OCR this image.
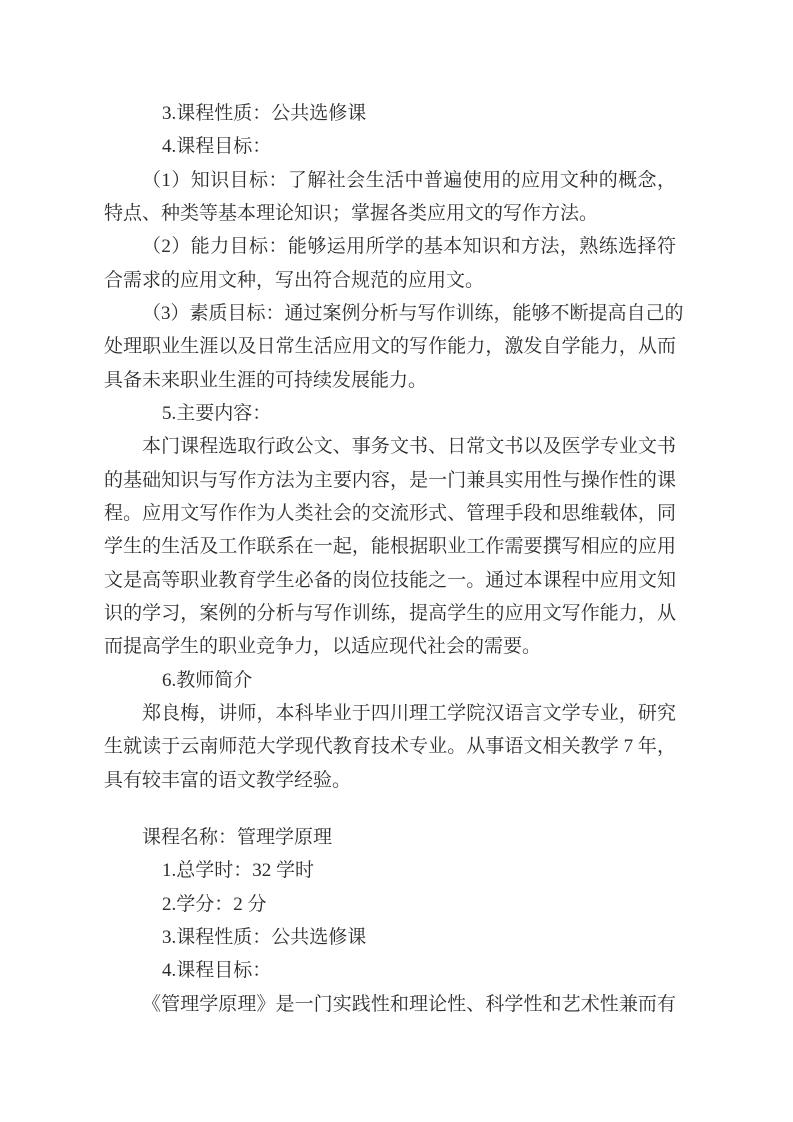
3.课程性质：公共选修课
4.课程目标：
（1）知识目标：了解社会生活中普遍使用的应用文种的概念，
特点、种类等基本理论知识；掌握各类应用文的写作方法。
（2）能力目标：能够运用所学的基本知识和方法，熟练选择符
合需求的应用文种，写出符合规范的应用文。
（3）素质目标：通过案例分析与写作训练，能够不断提高自己的
处理职业生涯以及日常生活应用文的写作能力，激发自学能力，从而
具备未来职业生涯的可持续发展能力。
5.主要内容：
本门课程选取行政公文、事务文书、日常文书以及医学专业文书
的基础知识与写作方法为主要内容，是一门兼具实用性与操作性的课
程。应用文写作作为人类社会的交流形式、管理手段和思维载体，同
学生的生活及工作联系在一起，能根据职业工作需要撰写相应的应用
文是高等职业教育学生必备的岗位技能之一。通过本课程中应用文知
识的学习，案例的分析与写作训练，提高学生的应用文写作能力，从
而提高学生的职业竞争力，以适应现代社会的需要。
6.教师简介
郑良梅，讲师，本科毕业于四川理工学院汉语言文学专业，研究
生就读于云南师范大学现代教育技术专业。从事语文相关教学 7 年，
具有较丰富的语文教学经验。
课程名称：管理学原理
1.总学时：32 学时
2.学分：2 分
3.课程性质：公共选修课
4.课程目标：
《管理学原理》是一门实践性和理论性、科学性和艺术性兼而有
